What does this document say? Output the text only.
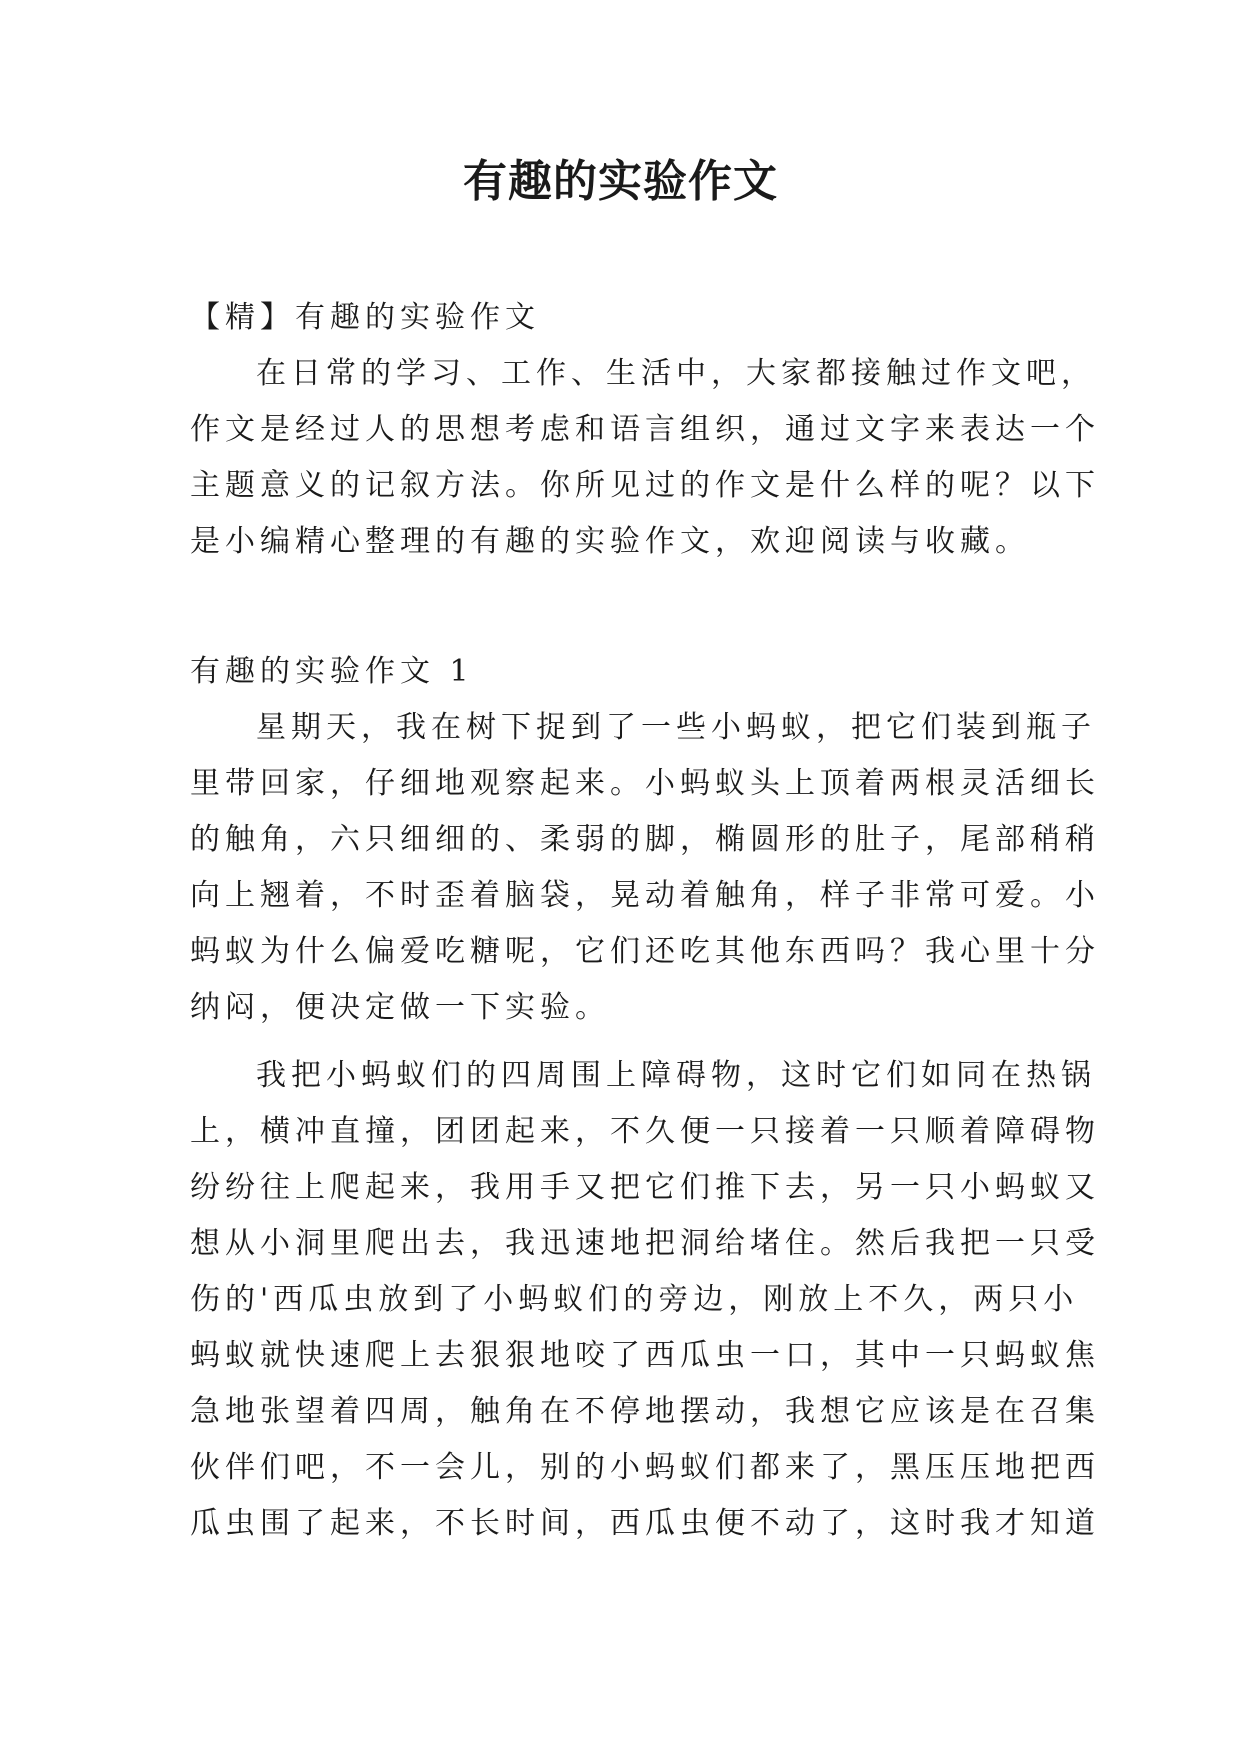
有趣的实验作文
【精】有趣的实验作文
在日常的学习、工作、生活中，大家都接触过作文吧，
作文是经过人的思想考虑和语言组织，通过文字来表达一个
主题意义的记叙方法。你所见过的作文是什么样的呢？以下
是小编精心整理的有趣的实验作文，欢迎阅读与收藏。
有趣的实验作文 1
星期天，我在树下捉到了一些小蚂蚁，把它们装到瓶子
里带回家，仔细地观察起来。小蚂蚁头上顶着两根灵活细长
的触角，六只细细的、柔弱的脚，椭圆形的肚子，尾部稍稍
向上翘着，不时歪着脑袋，晃动着触角，样子非常可爱。小
蚂蚁为什么偏爱吃糖呢，它们还吃其他东西吗？我心里十分
纳闷，便决定做一下实验。
我把小蚂蚁们的四周围上障碍物，这时它们如同在热锅
上，横冲直撞，团团起来，不久便一只接着一只顺着障碍物
纷纷往上爬起来，我用手又把它们推下去，另一只小蚂蚁又
想从小洞里爬出去，我迅速地把洞给堵住。然后我把一只受
伤的'西瓜虫放到了小蚂蚁们的旁边，刚放上不久，两只小
蚂蚁就快速爬上去狠狠地咬了西瓜虫一口，其中一只蚂蚁焦
急地张望着四周，触角在不停地摆动，我想它应该是在召集
伙伴们吧，不一会儿，别的小蚂蚁们都来了，黑压压地把西
瓜虫围了起来，不长时间，西瓜虫便不动了，这时我才知道
